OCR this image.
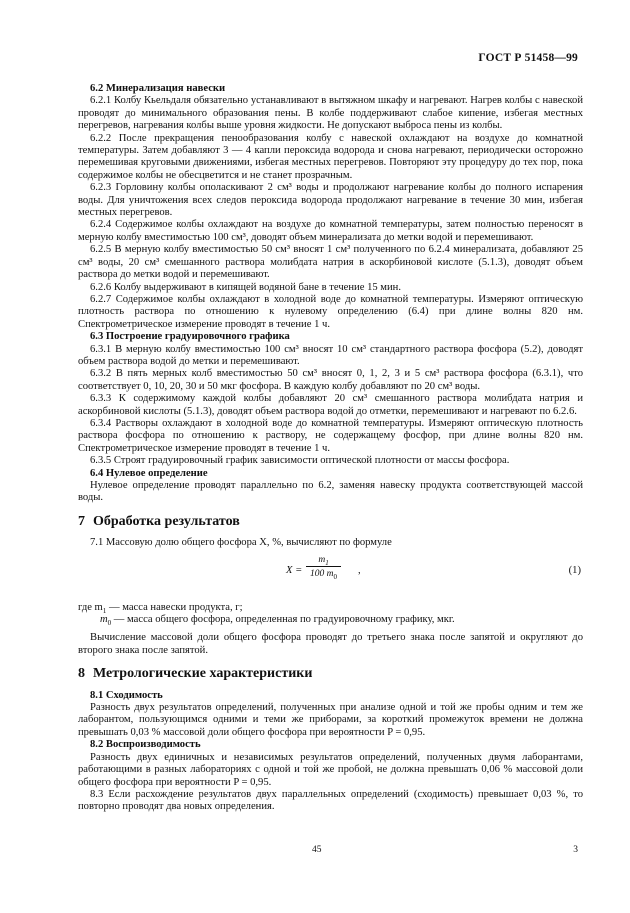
ГОСТ Р 51458—99
6.2 Минерализация навески

6.2.1 Колбу Кьельдаля обязательно устанавливают в вытяжном шкафу и нагревают. Нагрев колбы с навеской проводят до минимального образования пены. В колбе поддерживают слабое кипение, избегая местных перегревов, нагревания колбы выше уровня жидкости. Не допускают выброса пены из колбы.

6.2.2 После прекращения пенообразования колбу с навеской охлаждают на воздухе до комнатной температуры. Затем добавляют 3 — 4 капли пероксида водорода и снова нагревают, периодически осторожно перемешивая круговыми движениями, избегая местных перегревов. Повторяют эту процедуру до тех пор, пока содержимое колбы не обесцветится и не станет прозрачным.

6.2.3 Горловину колбы ополаскивают 2 см³ воды и продолжают нагревание колбы до полного испарения воды. Для уничтожения всех следов пероксида водорода продолжают нагревание в течение 30 мин, избегая местных перегревов.

6.2.4 Содержимое колбы охлаждают на воздухе до комнатной температуры, затем полностью переносят в мерную колбу вместимостью 100 см³, доводят объем минерализата до метки водой и перемешивают.

6.2.5 В мерную колбу вместимостью 50 см³ вносят 1 см³ полученного по 6.2.4 минерализата, добавляют 25 см³ воды, 20 см³ смешанного раствора молибдата натрия в аскорбиновой кислоте (5.1.3), доводят объем раствора до метки водой и перемешивают.

6.2.6 Колбу выдерживают в кипящей водяной бане в течение 15 мин.

6.2.7 Содержимое колбы охлаждают в холодной воде до комнатной температуры. Измеряют оптическую плотность раствора по отношению к нулевому определению (6.4) при длине волны 820 нм. Спектрометрическое измерение проводят в течение 1 ч.

6.3 Построение градуировочного графика

6.3.1 В мерную колбу вместимостью 100 см³ вносят 10 см³ стандартного раствора фосфора (5.2), доводят объем раствора водой до метки и перемешивают.

6.3.2 В пять мерных колб вместимостью 50 см³ вносят 0, 1, 2, 3 и 5 см³ раствора фосфора (6.3.1), что соответствует 0, 10, 20, 30 и 50 мкг фосфора. В каждую колбу добавляют по 20 см³ воды.

6.3.3 К содержимому каждой колбы добавляют 20 см³ смешанного раствора молибдата натрия и аскорбиновой кислоты (5.1.3), доводят объем раствора водой до отметки, перемешивают и нагревают по 6.2.6.

6.3.4 Растворы охлаждают в холодной воде до комнатной температуры. Измеряют оптическую плотность раствора фосфора по отношению к раствору, не содержащему фосфор, при длине волны 820 нм. Спектрометрическое измерение проводят в течение 1 ч.

6.3.5 Строят градуировочный график зависимости оптической плотности от массы фосфора.

6.4 Нулевое определение

Нулевое определение проводят параллельно по 6.2, заменяя навеску продукта соответствующей массой воды.

7 Обработка результатов

7.1 Массовую долю общего фосфора X, %, вычисляют по формуле

$X = \frac{m_1}{100 m_0}$ ,	(1)

где $m_1$ — масса навески продукта, г;

$m_0$ — масса общего фосфора, определенная по градуировочному графику, мкг.

Вычисление массовой доли общего фосфора проводят до третьего знака после запятой и округляют до второго знака после запятой.

8 Метрологические характеристики
8.1 Сходимость

Разность двух результатов определений, полученных при анализе одной и той же пробы одним и тем же лаборантом, пользующимся одними и теми же приборами, за короткий промежуток времени не должна превышать 0,03 % массовой доли общего фосфора при вероятности P = 0,95.

8.2 Воспроизводимость

Разность двух единичных и независимых результатов определений, полученных двумя лаборантами, работающими в разных лабораториях с одной и той же пробой, не должна превышать 0,06 % массовой доли общего фосфора при вероятности P = 0,95.

8.3 Если расхождение результатов двух параллельных определений (сходимость) превышает 0,03 %, то повторно проводят два новых определения.

45	3
